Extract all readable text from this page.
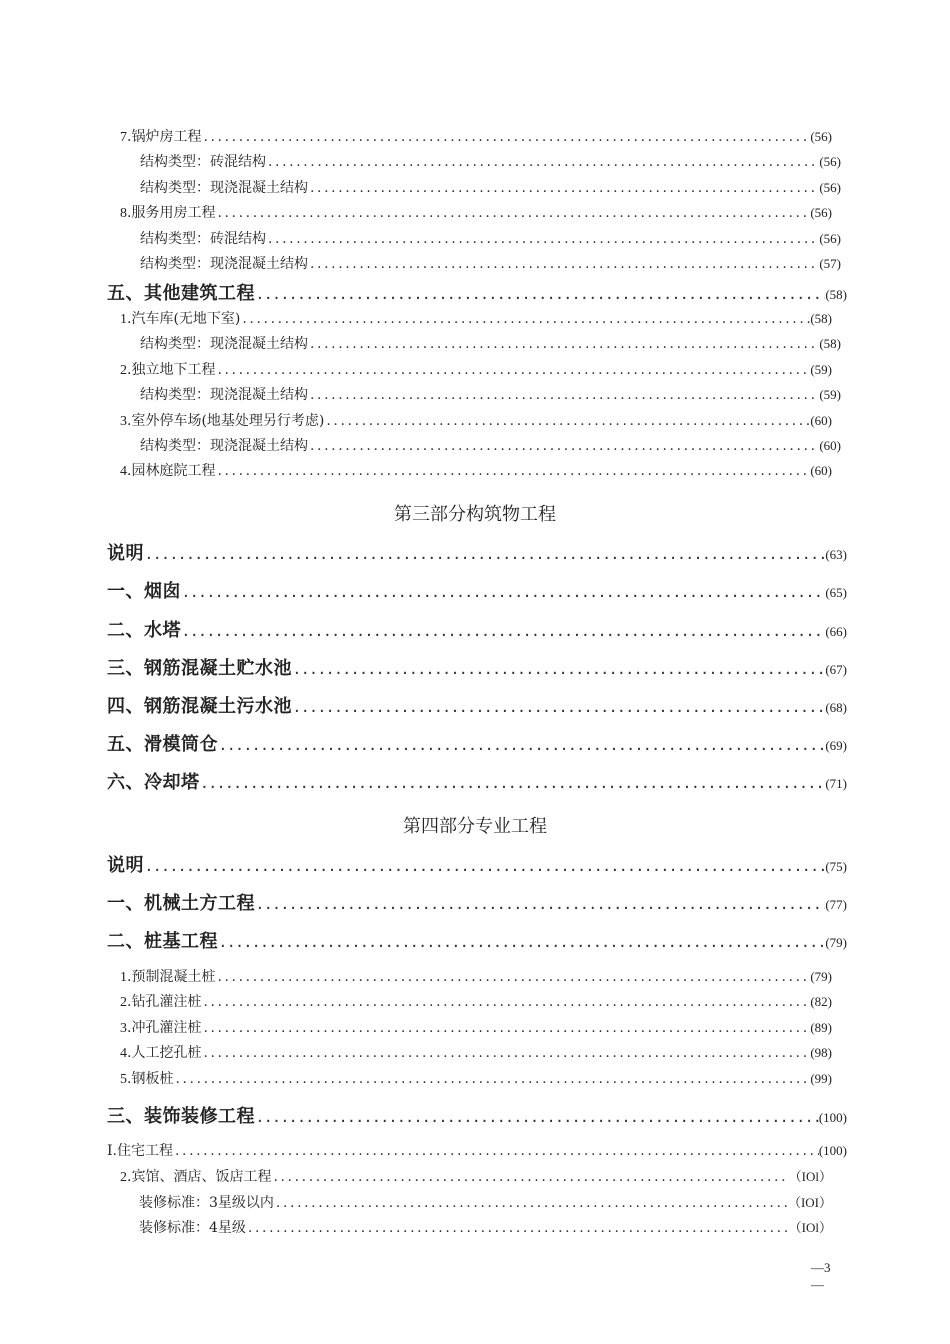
7 .锅炉房工程 .....	(56)
结构类型：砖混结构 .....	(56)
结构类型：现浇混凝土结构 .....	(56)
8 .服务用房工程 .....	(56)
结构类型：砖混结构 .....	(56)
结构类型：现浇混凝土结构 .....	(57)
五、其他建筑工程 .....	(58)
1 .汽车库(无地下室) .....	(58)
结构类型：现浇混凝土结构 .....	(58)
2 .独立地下工程 .....	(59)
结构类型：现浇混凝土结构 .....	(59)
3 .室外停车场(地基处理另行考虑) .....	(60)
结构类型：现浇混凝土结构 .....	(60)
4 .园林庭院工程 .....	(60)
第三部分构筑物工程
说明 .....	(63)
一、烟囱 .....	(65)
二、水塔 .....	(66)
三、钢筋混凝土贮水池 .....	(67)
四、钢筋混凝土污水池 .....	(68)
五、滑模筒仓 .....	(69)
六、冷却塔 .....	(71)
第四部分专业工程
说明 .....	(75)
一、机械土方工程 .....	(77)
二、桩基工程 .....	(79)
1 .预制混凝土桩 .....	(79)
2 .钻孔灌注桩 .....	(82)
3 .冲孔灌注桩 .....	(89)
4 .人工挖孔桩 .....	(98)
5 .钢板桩 .....	(99)
三、装饰装修工程 .....	(100)
I.住宅工程 .....	(100)
2 .宾馆、酒店、饭店工程 .....	（IOl）
装修标准：3星级以内 .....	（IOI）
装修标准：4星级 .....	（IOl）
—3
—
